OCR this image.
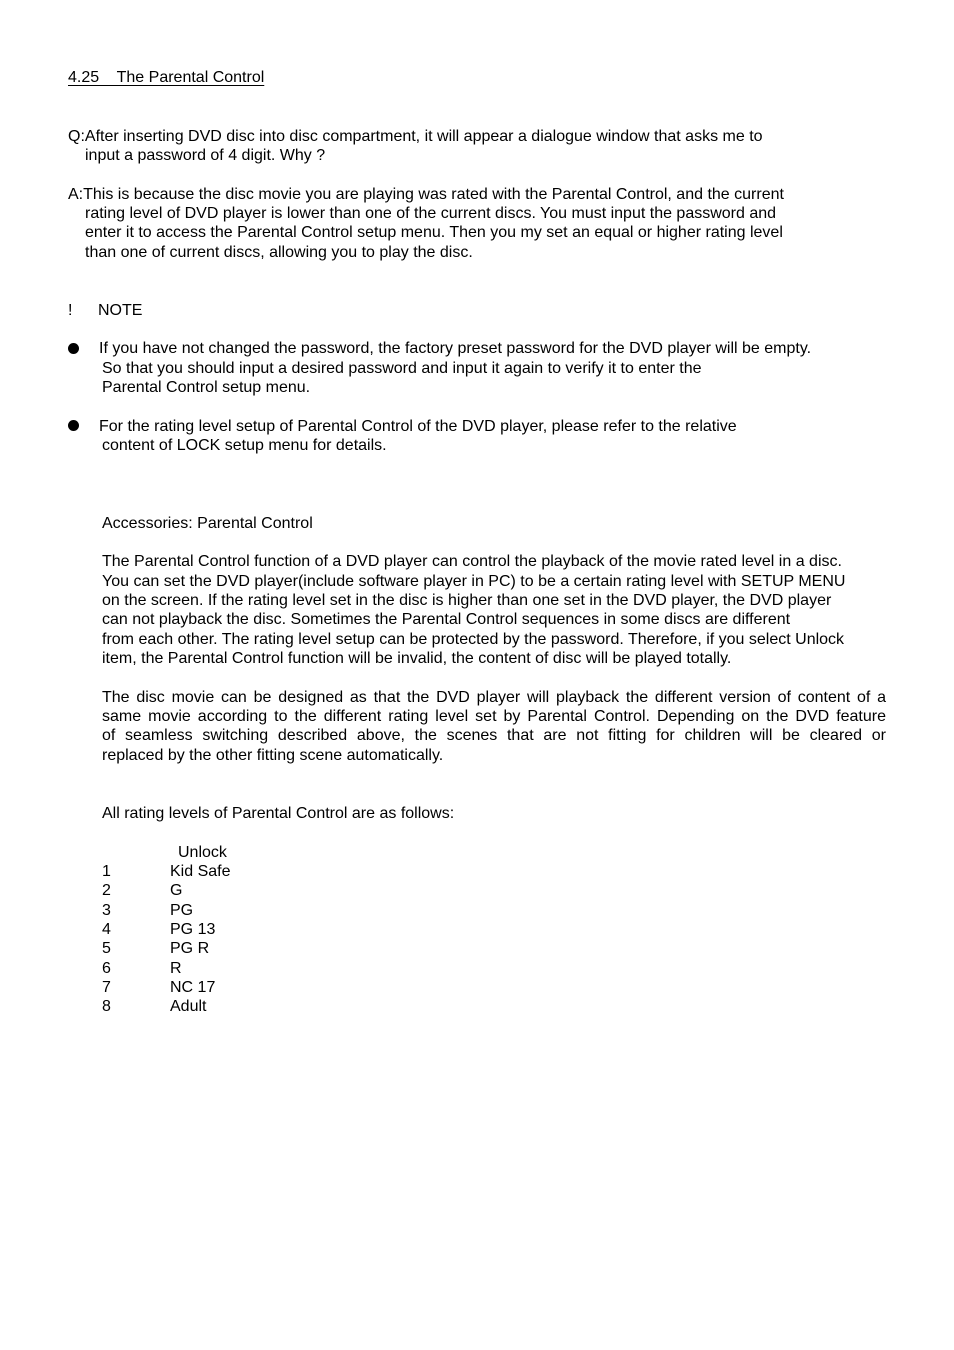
4.25    The Parental Control
Q:After inserting DVD disc into disc compartment, it will appear a dialogue window that asks me to
input a password of 4 digit. Why ?
A:This is because the disc movie you are playing was rated with the Parental Control, and the current
rating level of DVD player is lower than one of the current discs. You must input the password and
enter it to access the Parental Control setup menu. Then you my set an equal or higher rating level
than one of current discs, allowing you to play the disc.
! NOTE
If you have not changed the password, the factory preset password for the DVD player will be empty.
So that you should input a desired password and input it again to verify it to enter the
Parental Control setup menu.
For the rating level setup of Parental Control of the DVD player, please refer to the relative
content of LOCK setup menu for details.
Accessories: Parental Control
The Parental Control function of a DVD player can control the playback of the movie rated level in a disc.
You can set the DVD player(include software player in PC) to be a certain rating level with SETUP MENU
on the screen. If the rating level set in the disc is higher than one set in the DVD player, the DVD player
can not playback the disc. Sometimes the Parental Control sequences in some discs are different
from each other. The rating level setup can be protected by the password. Therefore, if you select Unlock
item, the Parental Control function will be invalid, the content of disc will be played totally.
The disc movie can be designed as that the DVD player will playback the different version of content of a
same movie according to the different rating level set by Parental Control. Depending on the DVD feature
of seamless switching described above, the scenes that are not fitting for children will be cleared or
replaced by the other fitting scene automatically.
All rating levels of Parental Control are as follows:
Unlock
1	Kid Safe
2	G
3	PG
4	PG 13
5	PG R
6	R
7	NC 17
8	Adult
